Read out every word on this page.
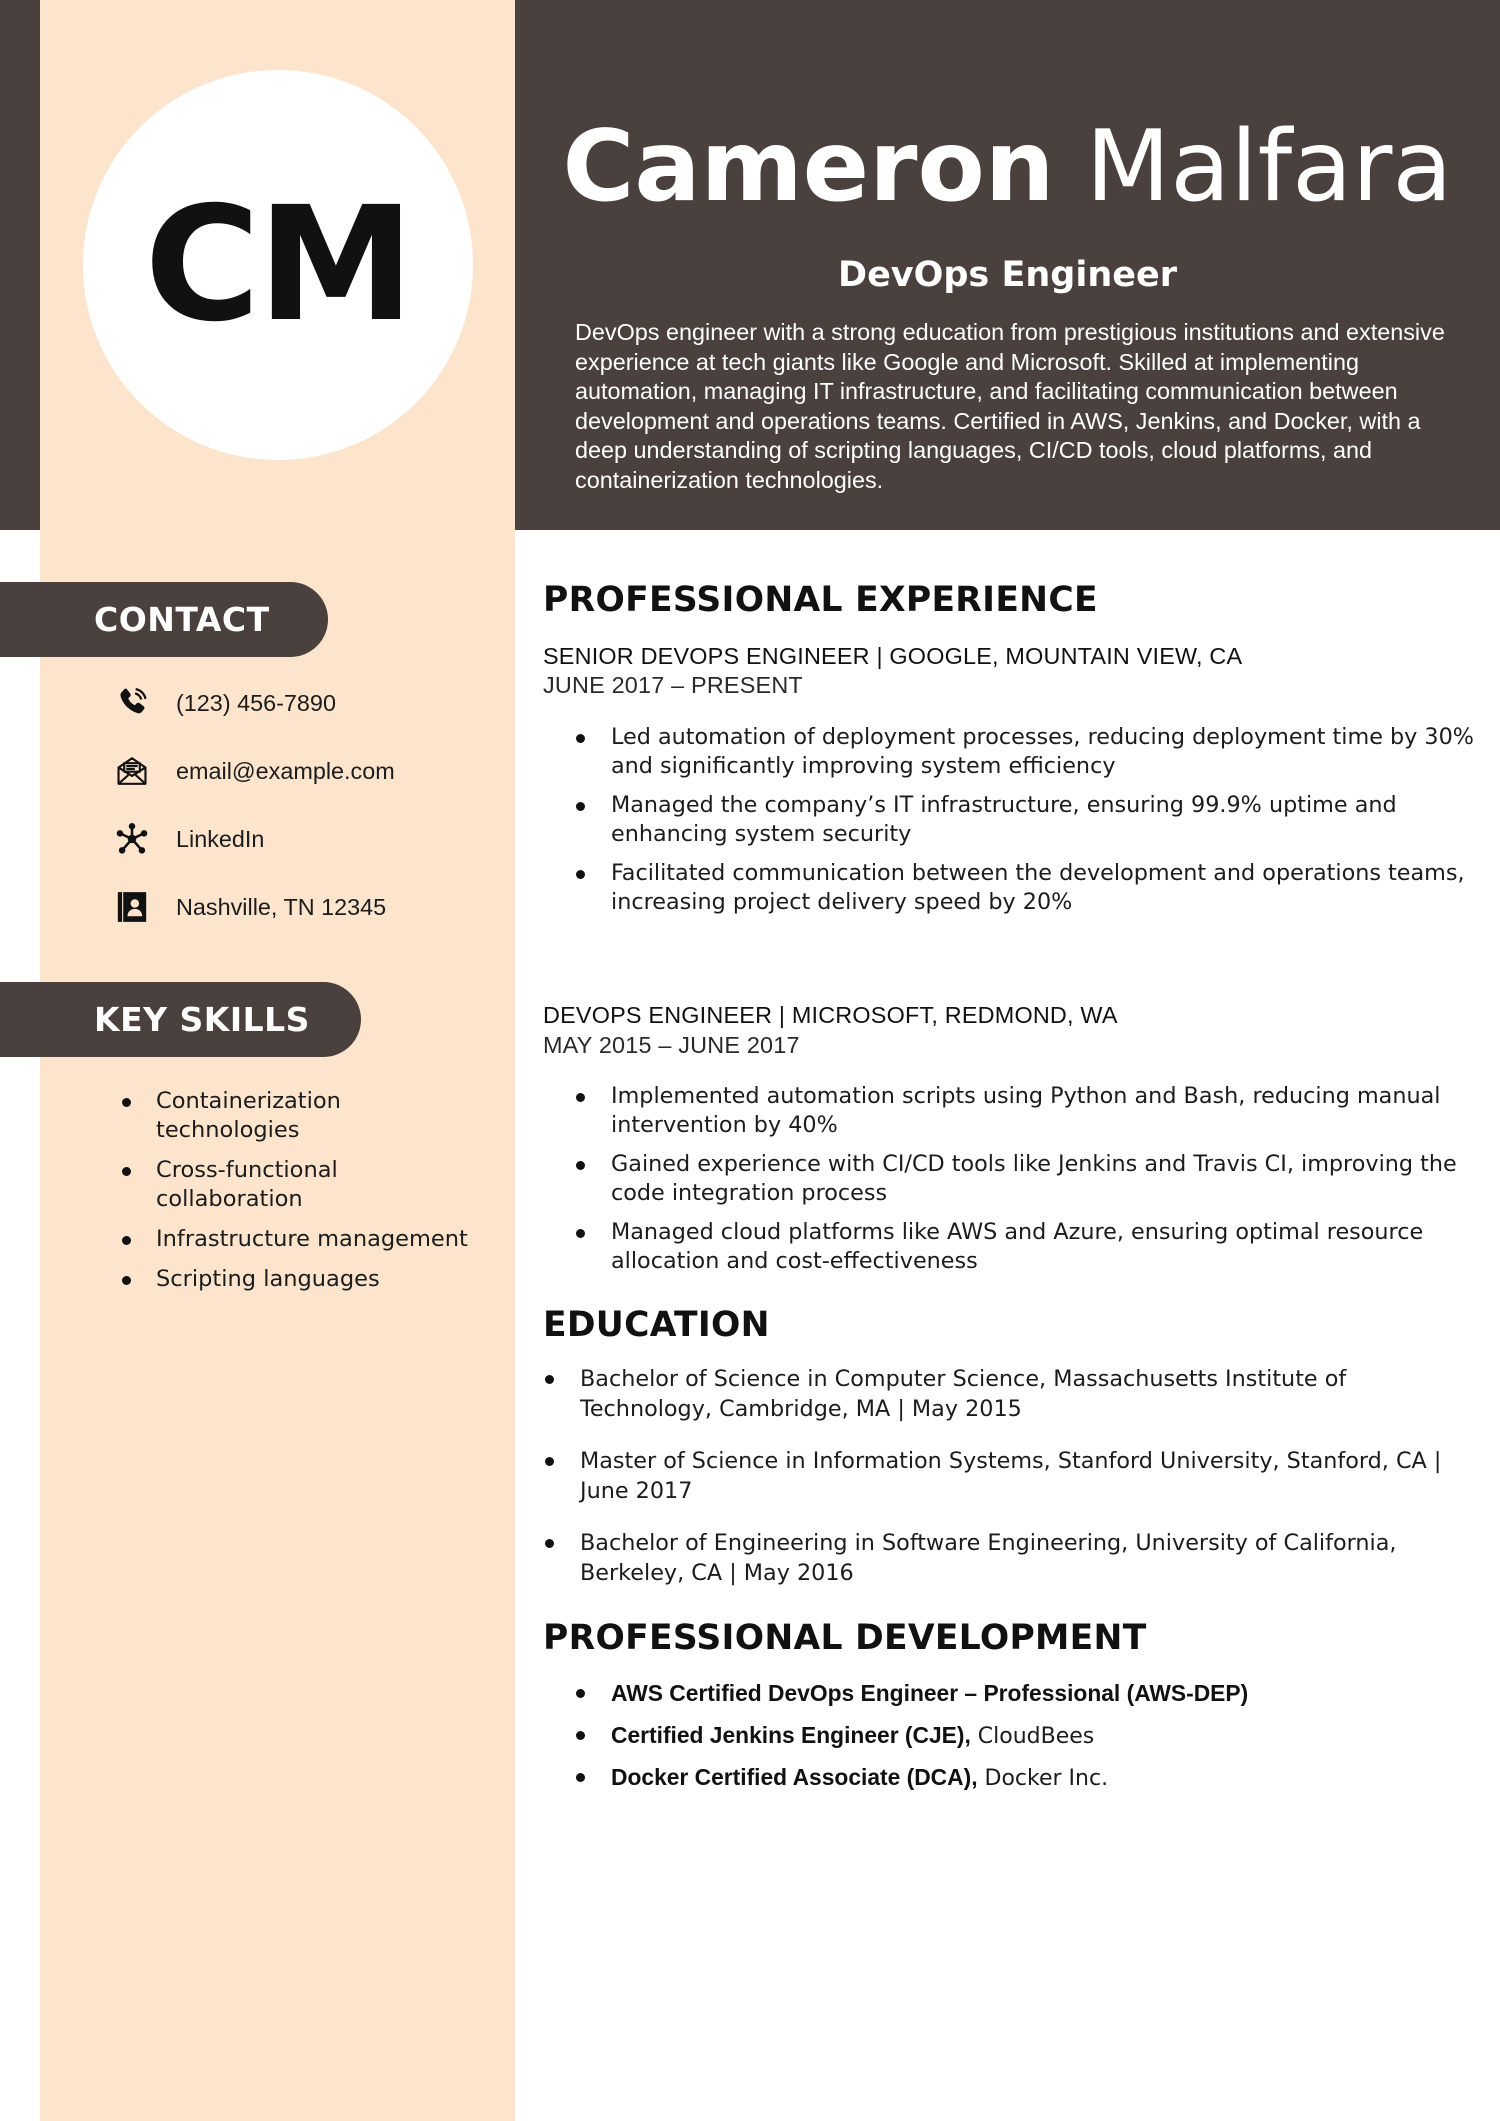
CM
Cameron Malfara
DevOps Engineer

DevOps engineer with a strong education from prestigious institutions and extensive experience at tech giants like Google and Microsoft. Skilled at implementing automation, managing IT infrastructure, and facilitating communication between development and operations teams. Certified in AWS, Jenkins, and Docker, with a deep understanding of scripting languages, CI/CD tools, cloud platforms, and containerization technologies.

CONTACT
(123) 456-7890
email@example.com
LinkedIn
Nashville, TN 12345
KEY SKILLS
Containerization technologies
Cross-functional collaboration
Infrastructure management
Scripting languages
PROFESSIONAL EXPERIENCE

SENIOR DEVOPS ENGINEER | GOOGLE, MOUNTAIN VIEW, CA

JUNE 2017 – PRESENT

Led automation of deployment processes, reducing deployment time by 30% and significantly improving system efficiency
Managed the company’s IT infrastructure, ensuring 99.9% uptime and enhancing system security
Facilitated communication between the development and operations teams, increasing project delivery speed by 20%

DEVOPS ENGINEER | MICROSOFT, REDMOND, WA

MAY 2015 – JUNE 2017

Implemented automation scripts using Python and Bash, reducing manual intervention by 40%
Gained experience with CI/CD tools like Jenkins and Travis CI, improving the code integration process
Managed cloud platforms like AWS and Azure, ensuring optimal resource allocation and cost-effectiveness
EDUCATION
Bachelor of Science in Computer Science, Massachusetts Institute of Technology, Cambridge, MA | May 2015
Master of Science in Information Systems, Stanford University, Stanford, CA | June 2017
Bachelor of Engineering in Software Engineering, University of California, Berkeley, CA | May 2016
PROFESSIONAL DEVELOPMENT
AWS Certified DevOps Engineer – Professional (AWS-DEP)
Certified Jenkins Engineer (CJE), CloudBees
Docker Certified Associate (DCA), Docker Inc.
